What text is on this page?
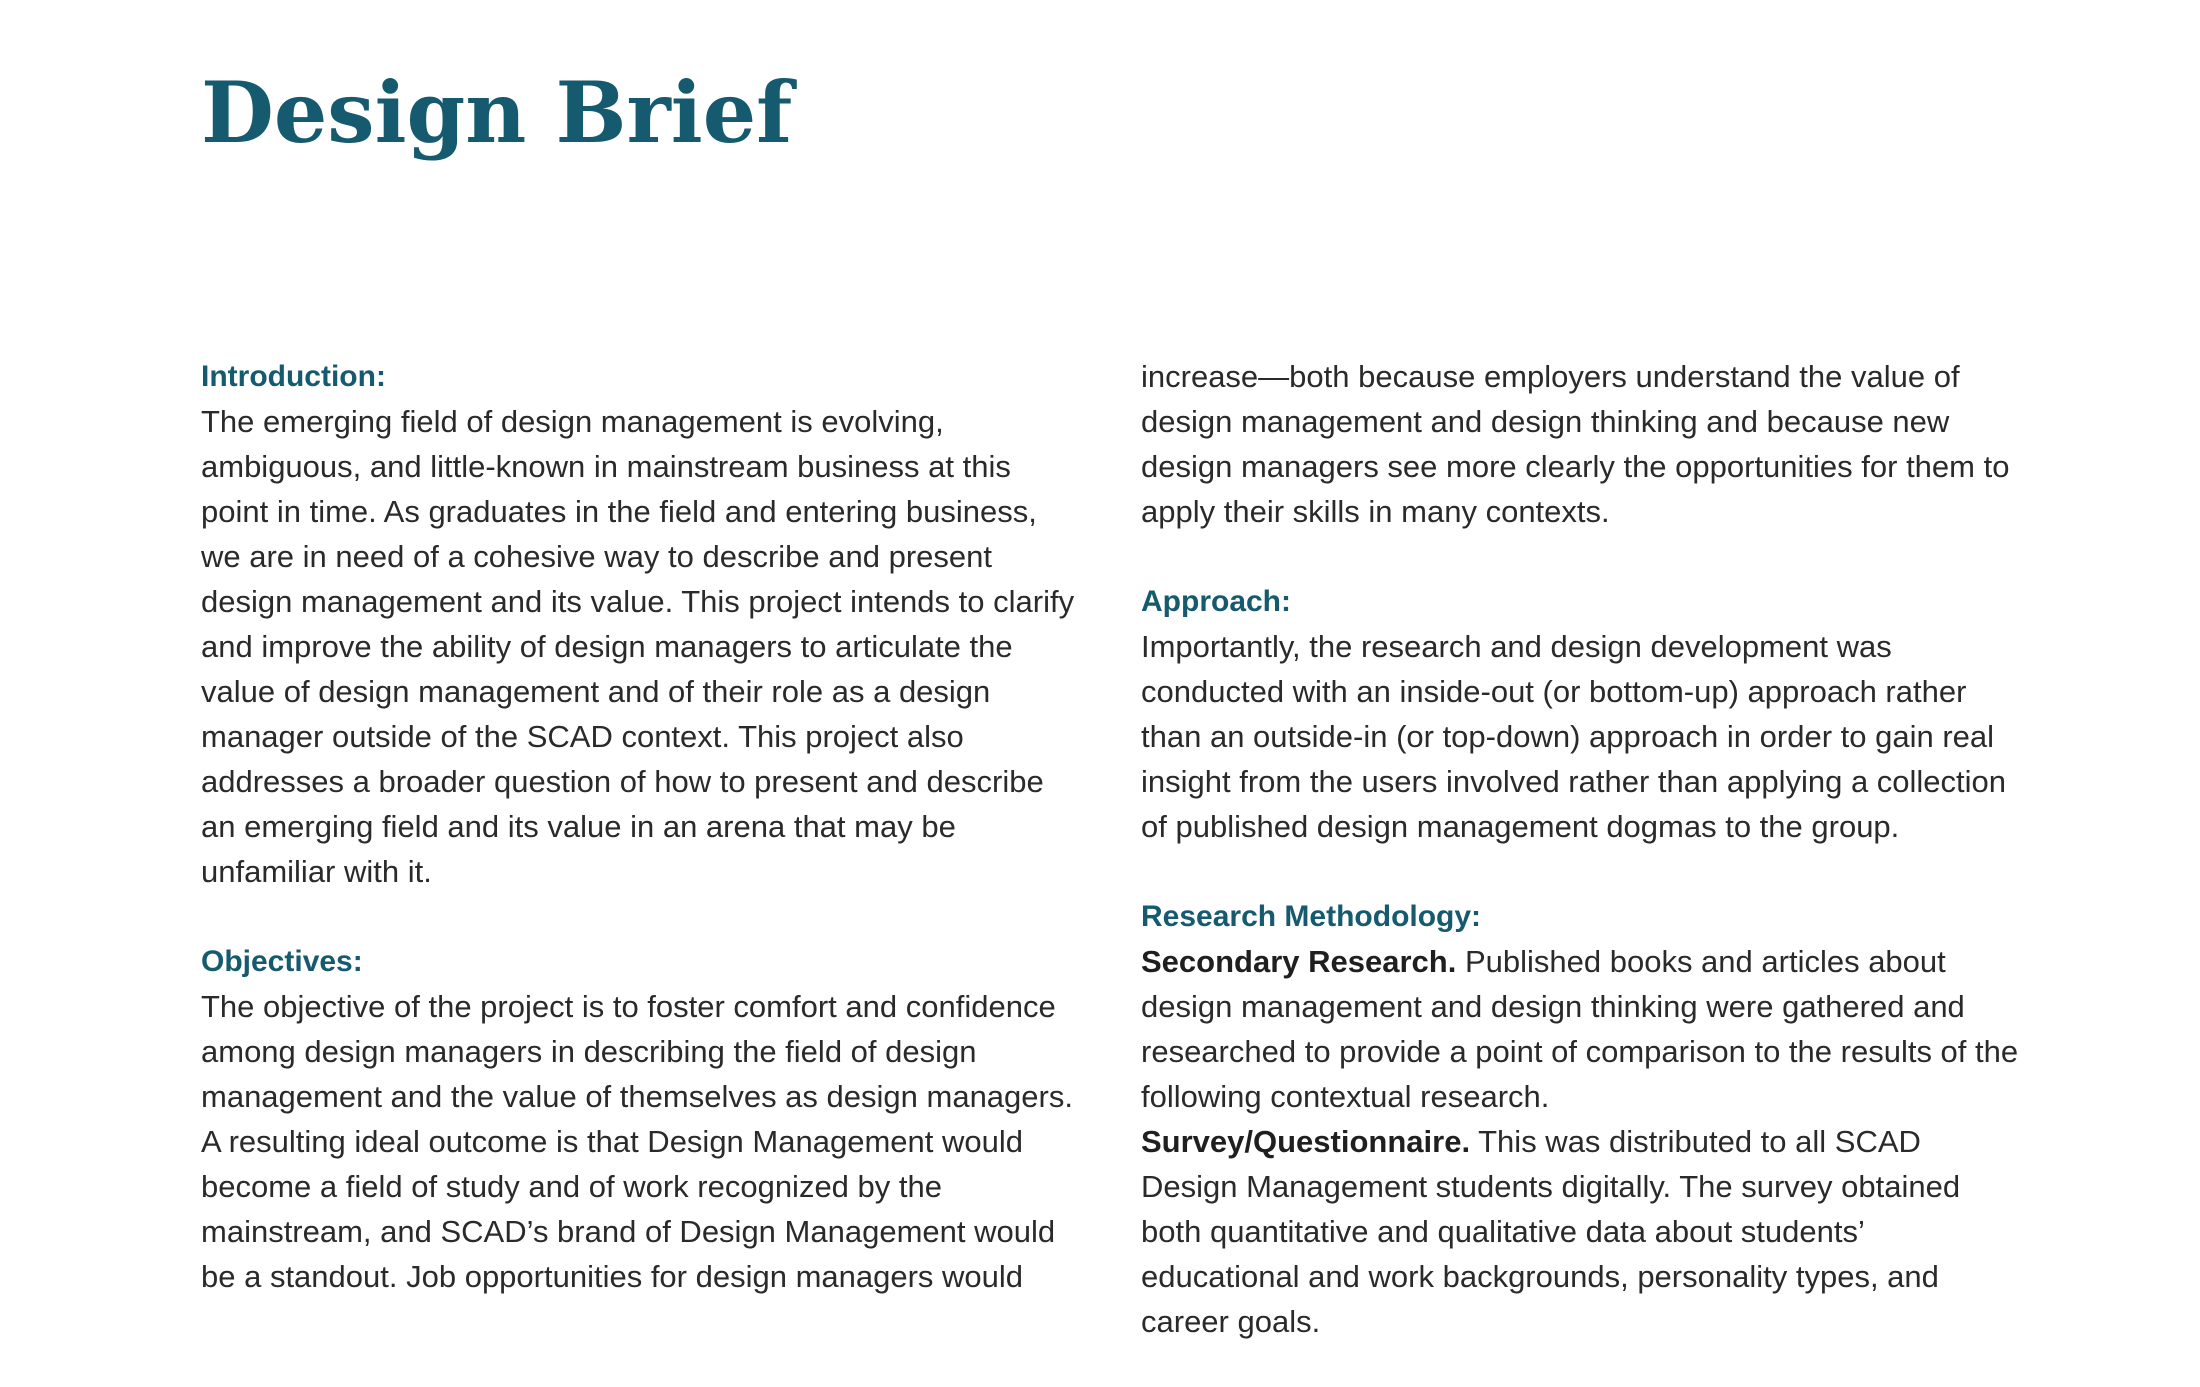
Design Brief
Introduction:

The emerging field of design management is evolving, ambiguous, and little-known in mainstream business at this point in time. As graduates in the field and entering business, we are in need of a cohesive way to describe and present design management and its value. This project intends to clarify and improve the ability of design managers to articulate the value of design management and of their role as a design manager outside of the SCAD context. This project also addresses a broader question of how to present and describe an emerging field and its value in an arena that may be unfamiliar with it.

Objectives:

The objective of the project is to foster comfort and confidence among design managers in describing the field of design management and the value of themselves as design managers. A resulting ideal outcome is that Design Management would become a field of study and of work recognized by the mainstream, and SCAD’s brand of Design Management would be a standout. Job opportunities for design managers would

increase—both because employers understand the value of design management and design thinking and because new design managers see more clearly the opportunities for them to apply their skills in many contexts.

Approach:

Importantly, the research and design development was conducted with an inside-out (or bottom-up) approach rather than an outside-in (or top-down) approach in order to gain real insight from the users involved rather than applying a collection of published design management dogmas to the group.

Research Methodology:

Secondary Research. Published books and articles about design management and design thinking were gathered and researched to provide a point of comparison to the results of the following contextual research.

Survey/Questionnaire. This was distributed to all SCAD Design Management students digitally. The survey obtained both quantitative and qualitative data about students’ educational and work backgrounds, personality types, and career goals.
